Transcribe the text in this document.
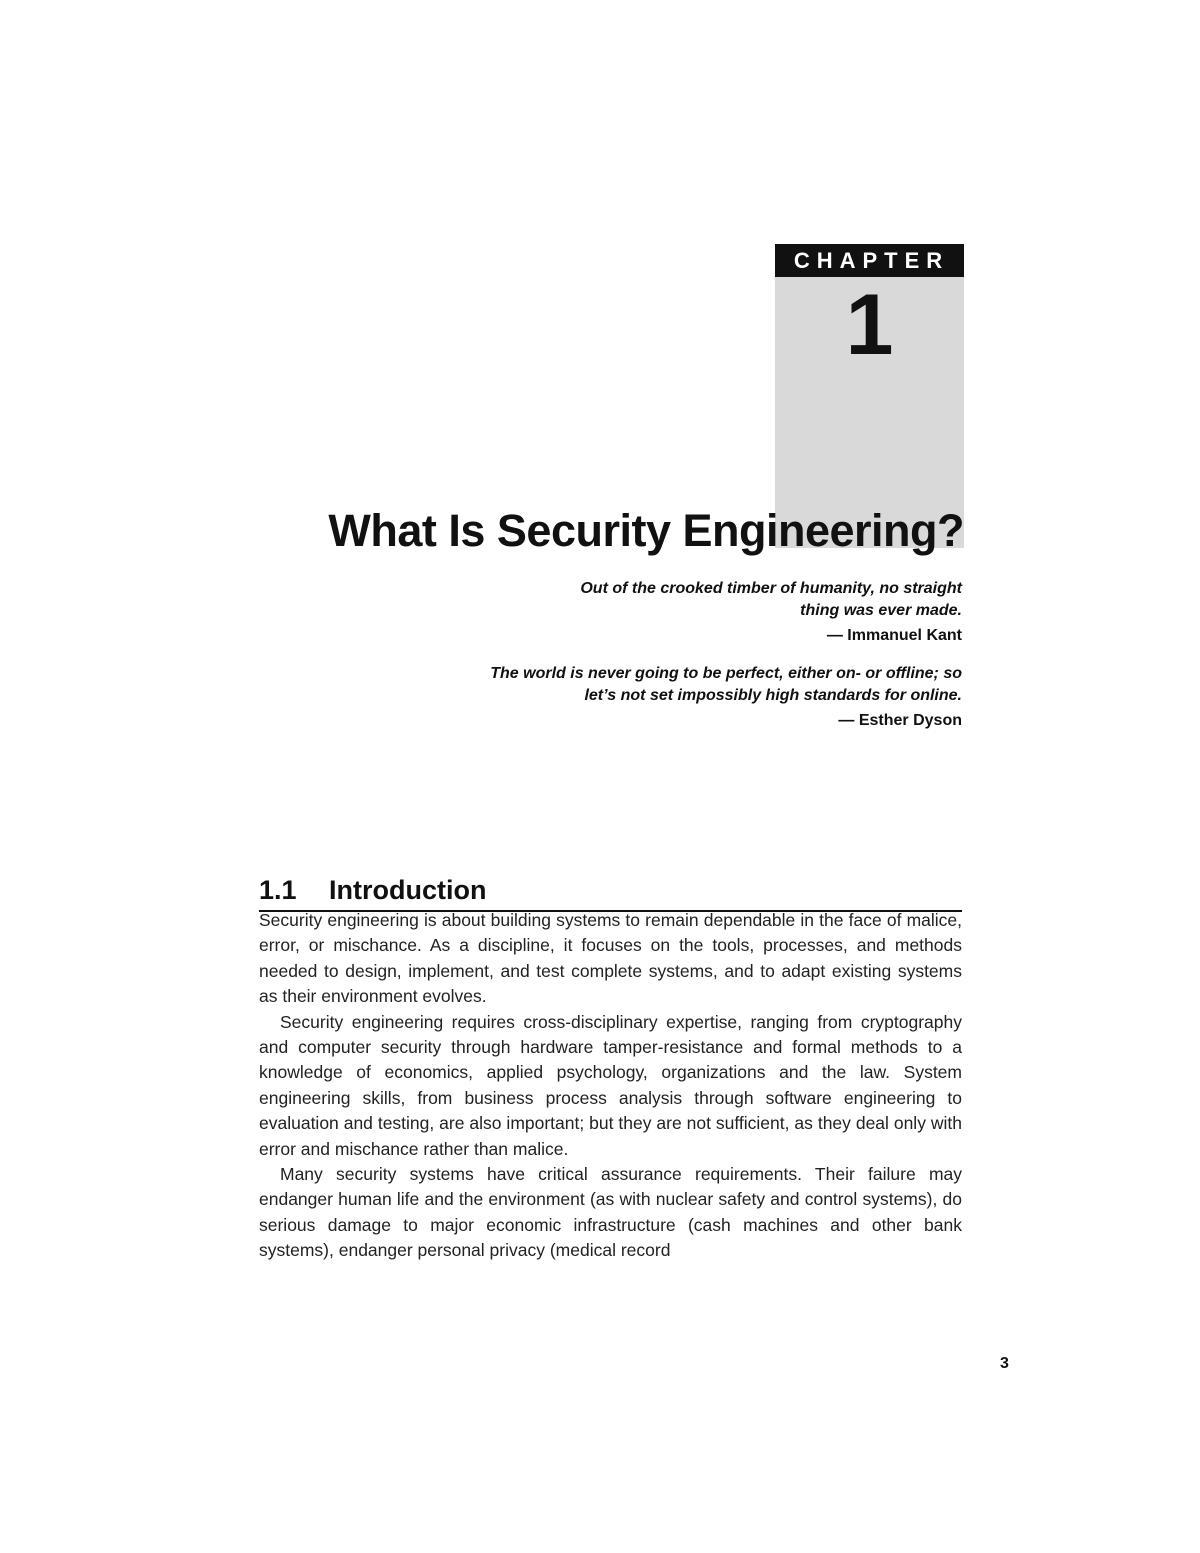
CHAPTER
1
What Is Security Engineering?

Out of the crooked timber of humanity, no straight
thing was ever made.

— Immanuel Kant

The world is never going to be perfect, either on- or offline; so
let’s not set impossibly high standards for online.

— Esther Dyson

1.1 Introduction

Security engineering is about building systems to remain dependable in the face of malice, error, or mischance. As a discipline, it focuses on the tools, processes, and methods needed to design, implement, and test complete systems, and to adapt existing systems as their environment evolves.

Security engineering requires cross-disciplinary expertise, ranging from cryptography and computer security through hardware tamper-resistance and formal methods to a knowledge of economics, applied psychology, organizations and the law. System engineering skills, from business process analysis through software engineering to evaluation and testing, are also important; but they are not sufficient, as they deal only with error and mischance rather than malice.

Many security systems have critical assurance requirements. Their failure may endanger human life and the environment (as with nuclear safety and control systems), do serious damage to major economic infrastructure (cash machines and other bank systems), endanger personal privacy (medical record

3
